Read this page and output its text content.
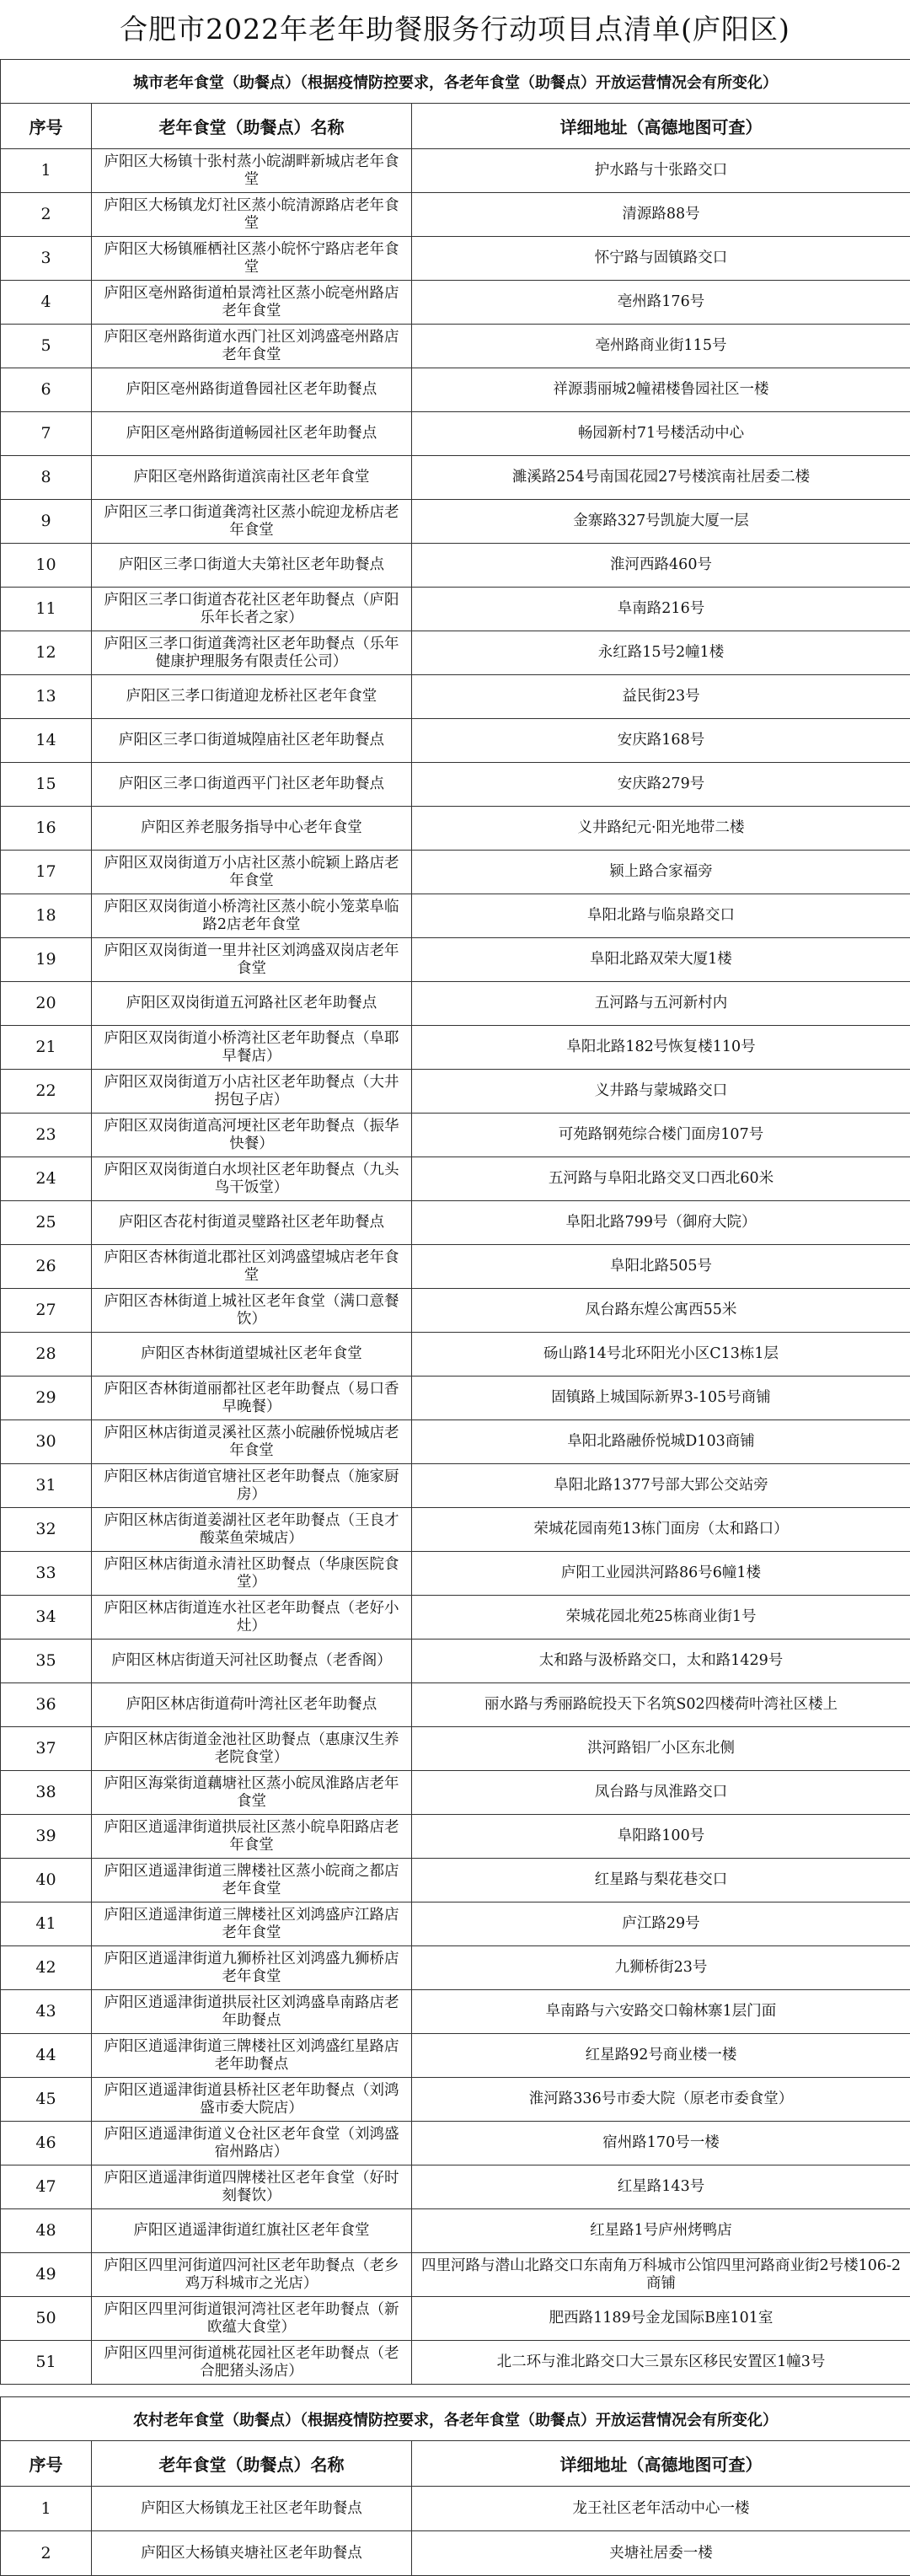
合肥市2022年老年助餐服务行动项目点清单(庐阳区)
城市老年食堂（助餐点）（根据疫情防控要求，各老年食堂（助餐点）开放运营情况会有所变化）		
序号	老年食堂（助餐点）名称	详细地址（高德地图可查）
1	庐阳区大杨镇十张村蒸小皖湖畔新城店老年食堂	护水路与十张路交口
2	庐阳区大杨镇龙灯社区蒸小皖清源路店老年食堂	清源路88号
3	庐阳区大杨镇雁栖社区蒸小皖怀宁路店老年食堂	怀宁路与固镇路交口
4	庐阳区亳州路街道柏景湾社区蒸小皖亳州路店老年食堂	亳州路176号
5	庐阳区亳州路街道水西门社区刘鸿盛亳州路店老年食堂	亳州路商业街115号
6	庐阳区亳州路街道鲁园社区老年助餐点	祥源翡丽城2幢裙楼鲁园社区一楼
7	庐阳区亳州路街道畅园社区老年助餐点	畅园新村71号楼活动中心
8	庐阳区亳州路街道滨南社区老年食堂	濉溪路254号南国花园27号楼滨南社居委二楼
9	庐阳区三孝口街道龚湾社区蒸小皖迎龙桥店老年食堂	金寨路327号凯旋大厦一层
10	庐阳区三孝口街道大夫第社区老年助餐点	淮河西路460号
11	庐阳区三孝口街道杏花社区老年助餐点（庐阳乐年长者之家）	阜南路216号
12	庐阳区三孝口街道龚湾社区老年助餐点（乐年健康护理服务有限责任公司）	永红路15号2幢1楼
13	庐阳区三孝口街道迎龙桥社区老年食堂	益民街23号
14	庐阳区三孝口街道城隍庙社区老年助餐点	安庆路168号
15	庐阳区三孝口街道西平门社区老年助餐点	安庆路279号
16	庐阳区养老服务指导中心老年食堂	义井路纪元·阳光地带二楼
17	庐阳区双岗街道万小店社区蒸小皖颖上路店老年食堂	颍上路合家福旁
18	庐阳区双岗街道小桥湾社区蒸小皖小笼菜阜临路2店老年食堂	阜阳北路与临泉路交口
19	庐阳区双岗街道一里井社区刘鸿盛双岗店老年食堂	阜阳北路双荣大厦1楼
20	庐阳区双岗街道五河路社区老年助餐点	五河路与五河新村内
21	庐阳区双岗街道小桥湾社区老年助餐点（阜耶早餐店）	阜阳北路182号恢复楼110号
22	庐阳区双岗街道万小店社区老年助餐点（大井拐包子店）	义井路与蒙城路交口
23	庐阳区双岗街道高河埂社区老年助餐点（振华快餐）	可苑路钢苑综合楼门面房107号
24	庐阳区双岗街道白水坝社区老年助餐点（九头鸟干饭堂）	五河路与阜阳北路交叉口西北60米
25	庐阳区杏花村街道灵璧路社区老年助餐点	阜阳北路799号（御府大院）
26	庐阳区杏林街道北郡社区刘鸿盛望城店老年食堂	阜阳北路505号
27	庐阳区杏林街道上城社区老年食堂（满口意餐饮）	凤台路东煌公寓西55米
28	庐阳区杏林街道望城社区老年食堂	砀山路14号北环阳光小区C13栋1层
29	庐阳区杏林街道丽都社区老年助餐点（易口香早晚餐）	固镇路上城国际新界3-105号商铺
30	庐阳区林店街道灵溪社区蒸小皖融侨悦城店老年食堂	阜阳北路融侨悦城D103商铺
31	庐阳区林店街道官塘社区老年助餐点（施家厨房）	阜阳北路1377号部大郢公交站旁
32	庐阳区林店街道姜湖社区老年助餐点（王良才酸菜鱼荣城店）	荣城花园南苑13栋门面房（太和路口）
33	庐阳区林店街道永清社区助餐点（华康医院食堂）	庐阳工业园洪河路86号6幢1楼
34	庐阳区林店街道连水社区老年助餐点（老好小灶）	荣城花园北苑25栋商业街1号
35	庐阳区林店街道天河社区助餐点（老香阁）	太和路与汲桥路交口，太和路1429号
36	庐阳区林店街道荷叶湾社区老年助餐点	丽水路与秀丽路皖投天下名筑S02四楼荷叶湾社区楼上
37	庐阳区林店街道金池社区助餐点（惠康汉生养老院食堂）	洪河路铝厂小区东北侧
38	庐阳区海棠街道藕塘社区蒸小皖凤淮路店老年食堂	凤台路与凤淮路交口
39	庐阳区逍遥津街道拱辰社区蒸小皖阜阳路店老年食堂	阜阳路100号
40	庐阳区逍遥津街道三牌楼社区蒸小皖商之都店老年食堂	红星路与梨花巷交口
41	庐阳区逍遥津街道三牌楼社区刘鸿盛庐江路店老年食堂	庐江路29号
42	庐阳区逍遥津街道九狮桥社区刘鸿盛九狮桥店老年食堂	九狮桥街23号
43	庐阳区逍遥津街道拱辰社区刘鸿盛阜南路店老年助餐点	阜南路与六安路交口翰林寨1层门面
44	庐阳区逍遥津街道三牌楼社区刘鸿盛红星路店老年助餐点	红星路92号商业楼一楼
45	庐阳区逍遥津街道县桥社区老年助餐点（刘鸿盛市委大院店）	淮河路336号市委大院（原老市委食堂）
46	庐阳区逍遥津街道义仓社区老年食堂（刘鸿盛宿州路店）	宿州路170号一楼
47	庐阳区逍遥津街道四牌楼社区老年食堂（好时刻餐饮）	红星路143号
48	庐阳区逍遥津街道红旗社区老年食堂	红星路1号庐州烤鸭店
49	庐阳区四里河街道四河社区老年助餐点（老乡鸡万科城市之光店）	四里河路与潜山北路交口东南角万科城市公馆四里河路商业街2号楼106-2商铺
50	庐阳区四里河街道银河湾社区老年助餐点（新欧蕴大食堂）	肥西路1189号金龙国际B座101室
51	庐阳区四里河街道桃花园社区老年助餐点（老合肥猪头汤店）	北二环与淮北路交口大三景东区移民安置区1幢3号
农村老年食堂（助餐点）（根据疫情防控要求，各老年食堂（助餐点）开放运营情况会有所变化）		
序号	老年食堂（助餐点）名称	详细地址（高德地图可查）
1	庐阳区大杨镇龙王社区老年助餐点	龙王社区老年活动中心一楼
2	庐阳区大杨镇夹塘社区老年助餐点	夹塘社居委一楼
